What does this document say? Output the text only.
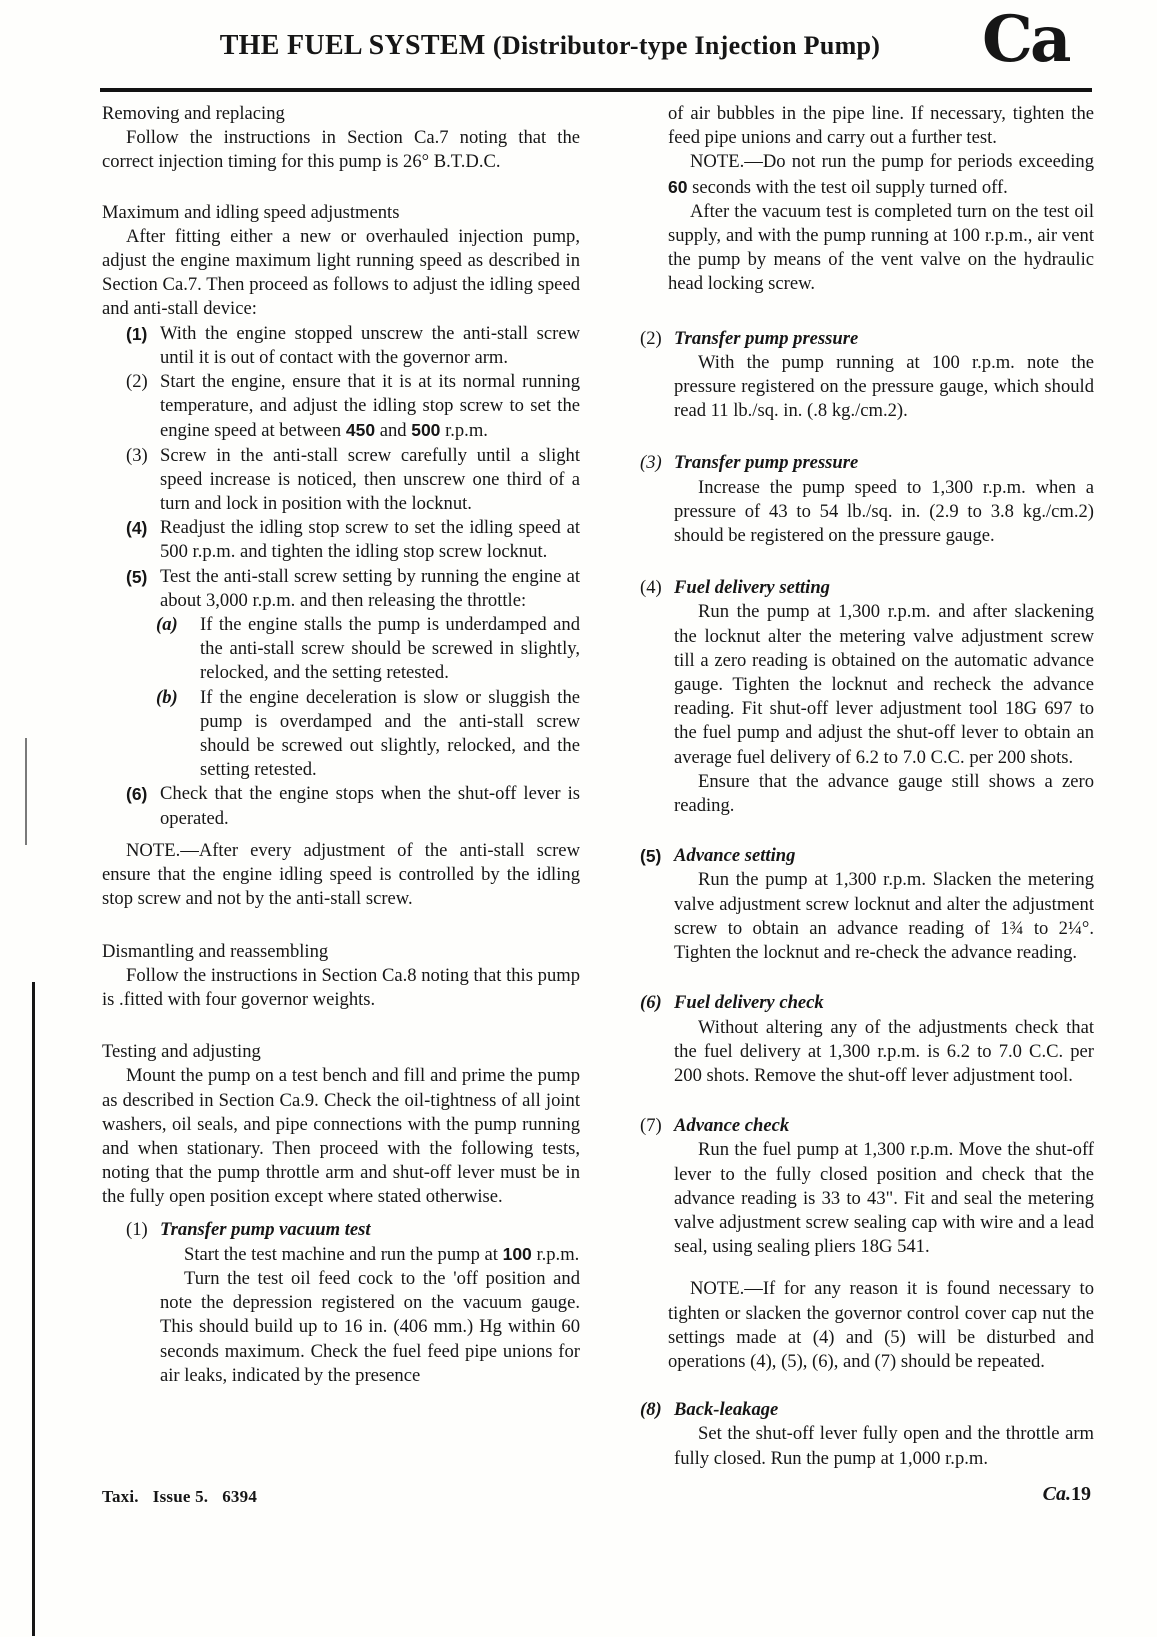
THE FUEL SYSTEM (Distributor-type Injection Pump)	Ca
Removing and replacing

Follow the instructions in Section Ca.7 noting that the correct injection timing for this pump is 26° B.T.D.C.

Maximum and idling speed adjustments

After fitting either a new or overhauled injection pump, adjust the engine maximum light running speed as described in Section Ca.7. Then proceed as follows to adjust the idling speed and anti-stall device:

(1) With the engine stopped unscrew the anti-stall screw until it is out of contact with the governor arm.
(2) Start the engine, ensure that it is at its normal running temperature, and adjust the idling stop screw to set the engine speed at between 450 and 500 r.p.m.
(3) Screw in the anti-stall screw carefully until a slight speed increase is noticed, then unscrew one third of a turn and lock in position with the locknut.
(4) Readjust the idling stop screw to set the idling speed at 500 r.p.m. and tighten the idling stop screw locknut.
(5) Test the anti-stall screw setting by running the engine at about 3,000 r.p.m. and then releasing the throttle:
(a)	If the engine stalls the pump is underdamped and the anti-stall screw should be screwed in slightly, relocked, and the setting retested.
(b)	If the engine deceleration is slow or sluggish the pump is overdamped and the anti-stall screw should be screwed out slightly, relocked, and the setting retested.
(6) Check that the engine stops when the shut-off lever is operated.

NOTE.—After every adjustment of the anti-stall screw ensure that the engine idling speed is controlled by the idling stop screw and not by the anti-stall screw.

Dismantling and reassembling

Follow the instructions in Section Ca.8 noting that this pump is .fitted with four governor weights.

Testing and adjusting

Mount the pump on a test bench and fill and prime the pump as described in Section Ca.9. Check the oil-tightness of all joint washers, oil seals, and pipe connections with the pump running and when stationary. Then proceed with the following tests, noting that the pump throttle arm and shut-off lever must be in the fully open position except where stated otherwise.

(1) Transfer pump vacuum test

Start the test machine and run the pump at 100 r.p.m.

Turn the test oil feed cock to the 'off position and note the depression registered on the vacuum gauge. This should build up to 16 in. (406 mm.) Hg within 60 seconds maximum. Check the fuel feed pipe unions for air leaks, indicated by the presence

of air bubbles in the pipe line. If necessary, tighten the feed pipe unions and carry out a further test.

NOTE.—Do not run the pump for periods exceeding 60 seconds with the test oil supply turned off.

After the vacuum test is completed turn on the test oil supply, and with the pump running at 100 r.p.m., air vent the pump by means of the vent valve on the hydraulic head locking screw.

(2) Transfer pump pressure

With the pump running at 100 r.p.m. note the pressure registered on the pressure gauge, which should read 11 lb./sq. in. (.8 kg./cm.2).

(3) Transfer pump pressure

Increase the pump speed to 1,300 r.p.m. when a pressure of 43 to 54 lb./sq. in. (2.9 to 3.8 kg./cm.2) should be registered on the pressure gauge.

(4) Fuel delivery setting

Run the pump at 1,300 r.p.m. and after slackening the locknut alter the metering valve adjustment screw till a zero reading is obtained on the automatic advance gauge. Tighten the locknut and recheck the advance reading. Fit shut-off lever adjustment tool 18G 697 to the fuel pump and adjust the shut-off lever to obtain an average fuel delivery of 6.2 to 7.0 C.C. per 200 shots.

Ensure that the advance gauge still shows a zero reading.

(5) Advance setting

Run the pump at 1,300 r.p.m. Slacken the metering valve adjustment screw locknut and alter the adjustment screw to obtain an advance reading of 1¾ to 2¼°. Tighten the locknut and re-check the advance reading.

(6) Fuel delivery check

Without altering any of the adjustments check that the fuel delivery at 1,300 r.p.m. is 6.2 to 7.0 C.C. per 200 shots. Remove the shut-off lever adjustment tool.

(7) Advance check

Run the fuel pump at 1,300 r.p.m. Move the shut-off lever to the fully closed position and check that the advance reading is 33 to 43". Fit and seal the metering valve adjustment screw sealing cap with wire and a lead seal, using sealing pliers 18G 541.

NOTE.—If for any reason it is found necessary to tighten or slacken the governor control cover cap nut the settings made at (4) and (5) will be disturbed and operations (4), (5), (6), and (7) should be repeated.

(8) Back-leakage

Set the shut-off lever fully open and the throttle arm fully closed. Run the pump at 1,000 r.p.m.

Taxi. Issue 5. 6394	Ca.19
